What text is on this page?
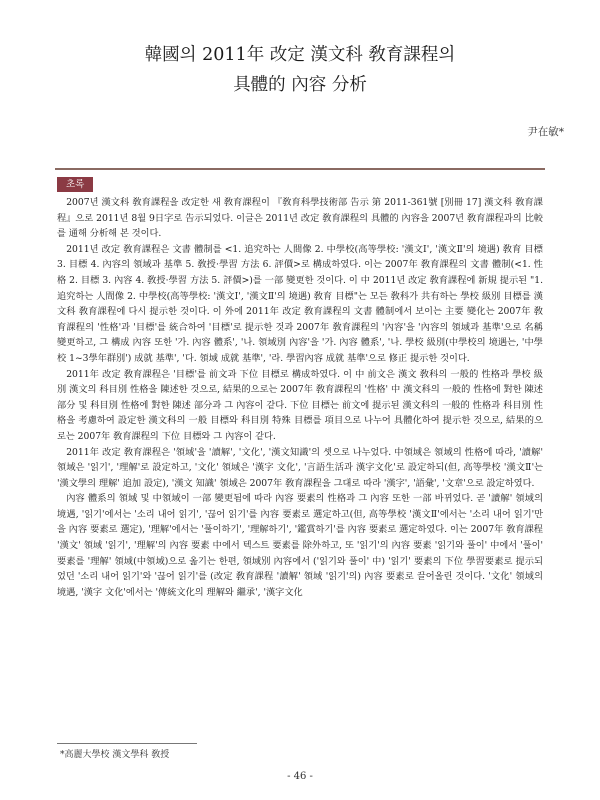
韓國의 2011年 改定 漢文科 敎育課程의
具體的 內容 分析
尹在敏*
초록

2007년 漢文科 敎育課程을 改定한 새 敎育課程이 『敎育科學技術部 告示 第 2011-361號 [別冊 17] 漢文科 敎育課程』으로 2011년 8월 9日字로 告示되었다. 이글은 2011년 改定 敎育課程의 具體的 內容을 2007년 敎育課程과의 比較를 通해 分析해 본 것이다.

2011년 改定 敎育課程은 文書 體制를 <1. 追究하는 人間像 2. 中學校(高等學校: '漢文Ⅰ', '漢文Ⅱ'의 境遇) 敎育 目標 3. 目標 4. 內容의 領域과 基準 5. 敎授·學習 方法 6. 評價>로 構成하였다. 이는 2007年 敎育課程의 文書 體制(<1. 性格 2. 目標 3. 內容 4. 敎授·學習 方法 5. 評價>)를 一部 變更한 것이다. 이 中 2011년 改定 敎育課程에 新規 提示된 "1. 追究하는 人間像 2. 中學校(高等學校: '漢文Ⅰ', '漢文Ⅱ'의 境遇) 敎育 目標"는 모든 敎科가 共有하는 學校 級別 目標를 漢文科 敎育課程에 다시 提示한 것이다. 이 外에 2011年 改定 敎育課程의 文書 體制에서 보이는 主要 變化는 2007年 敎育課程의 '性格'과 '目標'를 統合하여 '目標'로 提示한 것과 2007年 敎育課程의 '內容'을 '內容의 領域과 基準'으로 名稱 變更하고, 그 構成 內容 또한 '가. 內容 體系', '나. 領域別 內容'을 '가. 內容 體系', '나. 學校 級別(中學校의 境遇는, '中學校 1~3學年群別') 成就 基準', '다. 領域 成就 基準', '라. 學習內容 成就 基準'으로 修正 提示한 것이다.

2011年 改定 敎育課程은 '目標'를 前文과 下位 目標로 構成하였다. 이 中 前文은 漢文 敎科의 一般的 性格과 學校 級別 漢文의 科目別 性格을 陳述한 것으로, 結果的으로는 2007年 敎育課程의 '性格' 中 漢文科의 一般的 性格에 對한 陳述 部分 및 科目別 性格에 對한 陳述 部分과 그 內容이 같다. 下位 目標는 前文에 提示된 漢文科의 一般的 性格과 科目別 性格을 考慮하여 設定한 漢文科의 一般 目標와 科目別 特殊 目標를 項目으로 나누어 具體化하여 提示한 것으로, 結果的으로는 2007年 敎育課程의 下位 目標와 그 內容이 같다.

2011年 改定 敎育課程은 '領域'을 '讀解', '文化', '漢文知識'의 셋으로 나누었다. 中領域은 領域의 性格에 따라, '讀解' 領域은 '읽기', '理解'로 設定하고, '文化' 領域은 '漢字 文化', '言語生活과 漢字文化'로 設定하되(但, 高等學校 '漢文Ⅱ'는 '漢文學의 理解' 追加 設定), '漢文 知識' 領域은 2007年 敎育課程을 그대로 따라 '漢字', '語彙', '文章'으로 設定하였다.

內容 體系의 領域 및 中領域이 一部 變更됨에 따라 內容 要素의 性格과 그 內容 또한 一部 바뀌었다. 곧 '讀解' 領域의 境遇, '읽기'에서는 '소리 내어 읽기', '끊어 읽기'를 內容 要素로 選定하고(但, 高等學校 '漢文Ⅱ'에서는 '소리 내어 읽기'만을 內容 要素로 選定), '理解'에서는 '풀이하기', '理解하기', '鑑賞하기'를 內容 要素로 選定하였다. 이는 2007年 敎育課程 '漢文' 領域 '읽기', '理解'의 內容 要素 中에서 텍스트 要素를 除外하고, 또 '읽기'의 內容 要素 '읽기와 풀이' 中에서 '풀이' 要素를 '理解' 領域(中領域)으로 옮기는 한편, 領域別 內容에서 ('읽기와 풀이' 中) '읽기' 要素의 下位 學習要素로 提示되었던 '소리 내어 읽기'와 '끊어 읽기'를 (改定 敎育課程 '讀解' 領域 '읽기'의) 內容 要素로 끌어올린 것이다. '文化' 領域의 境遇, '漢字 文化'에서는 '傳統文化의 理解와 繼承', '漢字文化

*高麗大學校 漢文學科 敎授
- 46 -
